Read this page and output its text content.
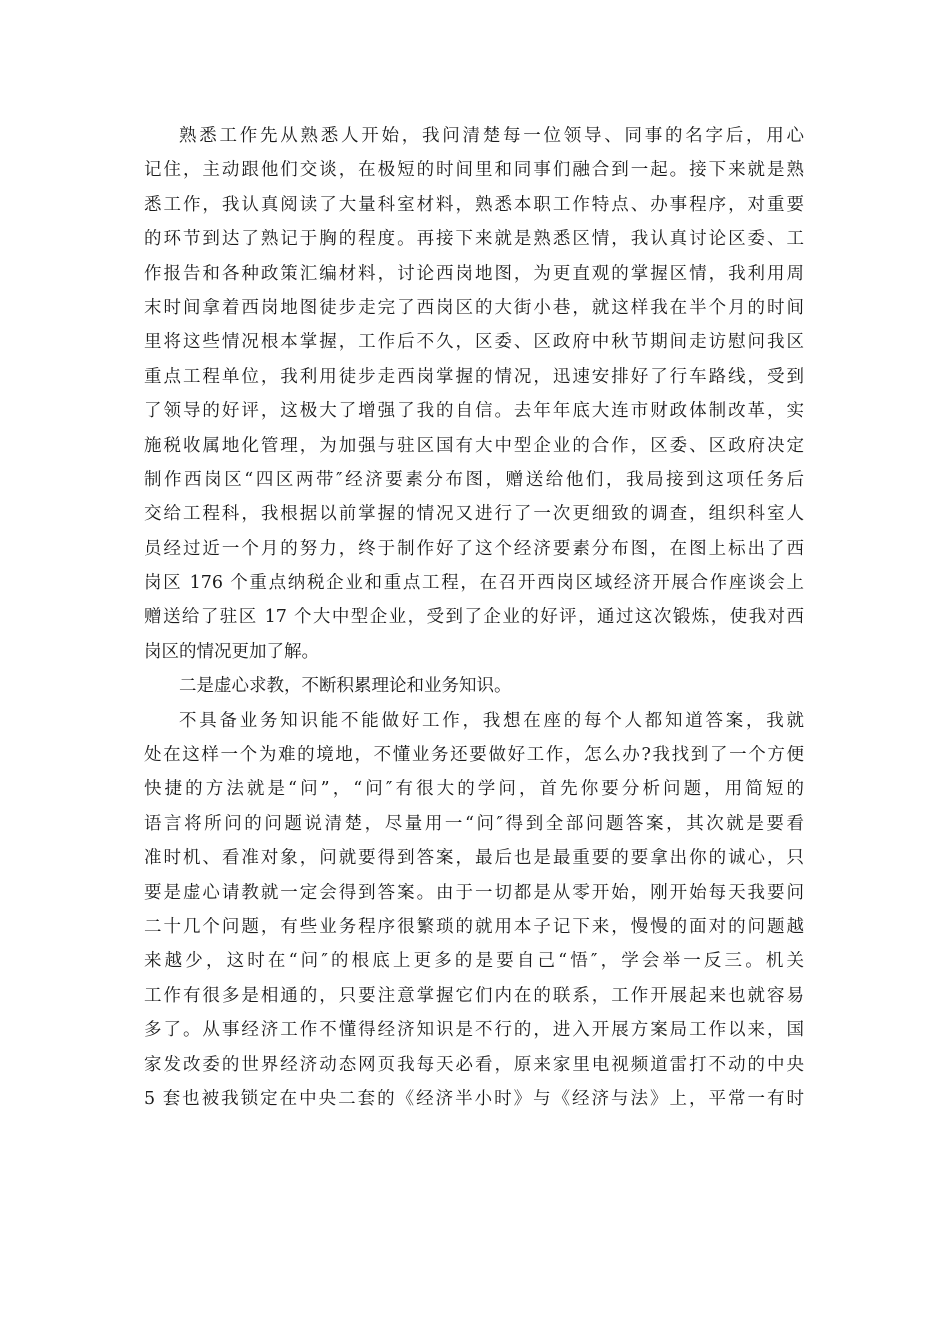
熟悉工作先从熟悉人开始，我问清楚每一位领导、同事的名字后，用心
记住，主动跟他们交谈，在极短的时间里和同事们融合到一起。接下来就是熟
悉工作，我认真阅读了大量科室材料，熟悉本职工作特点、办事程序，对重要
的环节到达了熟记于胸的程度。再接下来就是熟悉区情，我认真讨论区委、工
作报告和各种政策汇编材料，讨论西岗地图，为更直观的掌握区情，我利用周
末时间拿着西岗地图徒步走完了西岗区的大街小巷，就这样我在半个月的时间
里将这些情况根本掌握，工作后不久，区委、区政府中秋节期间走访慰问我区
重点工程单位，我利用徒步走西岗掌握的情况，迅速安排好了行车路线，受到
了领导的好评，这极大了增强了我的自信。去年年底大连市财政体制改革，实
施税收属地化管理，为加强与驻区国有大中型企业的合作，区委、区政府决定
制作西岗区“四区两带″经济要素分布图，赠送给他们，我局接到这项任务后
交给工程科，我根据以前掌握的情况又进行了一次更细致的调查，组织科室人
员经过近一个月的努力，终于制作好了这个经济要素分布图，在图上标出了西
岗区 176 个重点纳税企业和重点工程，在召开西岗区域经济开展合作座谈会上
赠送给了驻区 17 个大中型企业，受到了企业的好评，通过这次锻炼，使我对西
岗区的情况更加了解。
二是虚心求教，不断积累理论和业务知识。
不具备业务知识能不能做好工作，我想在座的每个人都知道答案，我就
处在这样一个为难的境地，不懂业务还要做好工作，怎么办?我找到了一个方便
快捷的方法就是“问”，“问″有很大的学问，首先你要分析问题，用简短的
语言将所问的问题说清楚，尽量用一“问″得到全部问题答案，其次就是要看
准时机、看准对象，问就要得到答案，最后也是最重要的要拿出你的诚心，只
要是虚心请教就一定会得到答案。由于一切都是从零开始，刚开始每天我要问
二十几个问题，有些业务程序很繁琐的就用本子记下来，慢慢的面对的问题越
来越少，这时在“问″的根底上更多的是要自己“悟″，学会举一反三。机关
工作有很多是相通的，只要注意掌握它们内在的联系，工作开展起来也就容易
多了。从事经济工作不懂得经济知识是不行的，进入开展方案局工作以来，国
家发改委的世界经济动态网页我每天必看，原来家里电视频道雷打不动的中央
5 套也被我锁定在中央二套的《经济半小时》与《经济与法》上，平常一有时
